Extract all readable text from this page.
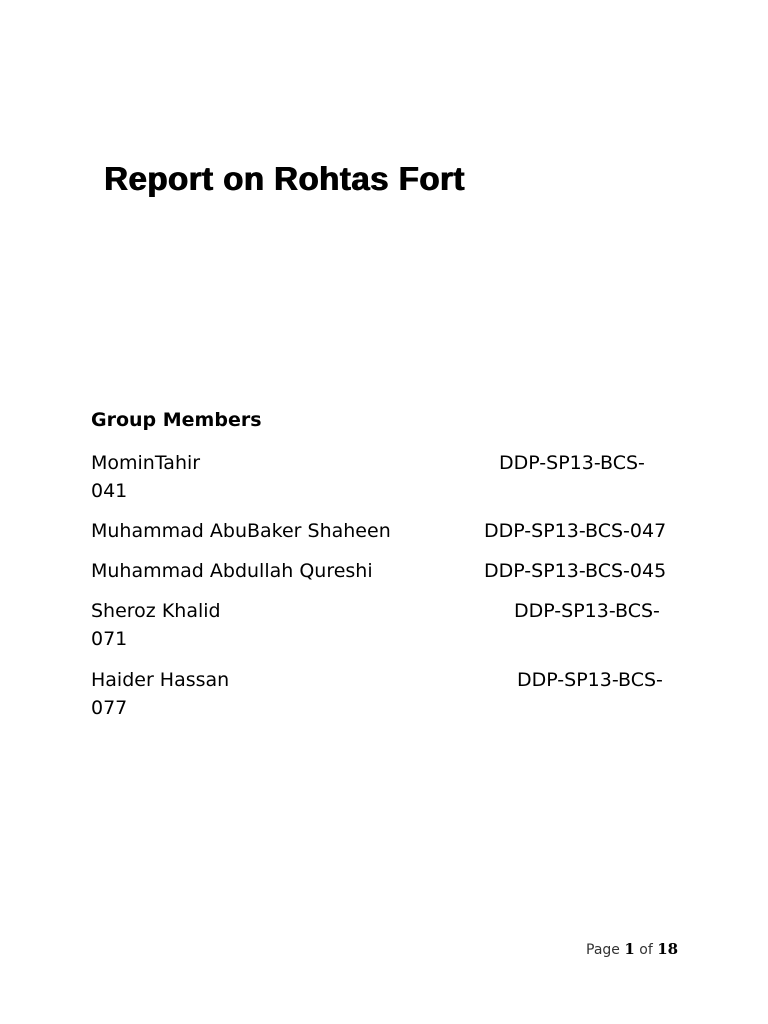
Report on Rohtas Fort
Group Members
MominTahir	DDP-SP13-BCS-
041
Muhammad AbuBaker Shaheen	DDP-SP13-BCS-047
Muhammad Abdullah Qureshi	DDP-SP13-BCS-045
Sheroz Khalid	DDP-SP13-BCS-
071
Haider Hassan	DDP-SP13-BCS-
077
Page 1 of 18
